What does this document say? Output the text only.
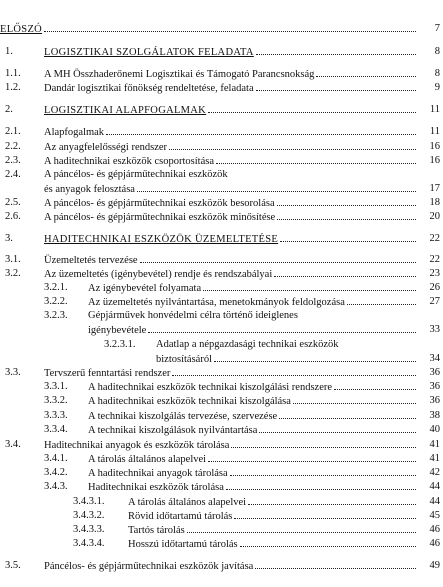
ELŐSZÓ	7
1.	LOGISZTIKAI SZOLGÁLATOK FELADATA	8
1.1. A MH Összhaderőnemi Logisztikai és Támogató Parancsnokság	8
1.2. Dandár logisztikai főnökség rendeltetése, feladata	9
2.	LOGISZTIKAI ALAPFOGALMAK	11
2.1. Alapfogalmak	11
2.2. Az anyagfelelősségi rendszer	16
2.3. A haditechnikai eszközök csoportosítása	16
2.4. A páncélos- és gépjárműtechnikai eszközök
és anyagok felosztása	17
2.5. A páncélos- és gépjárműtechnikai eszközök besorolása	18
2.6. A páncélos- és gépjárműtechnikai eszközök minősítése	20
3.	HADITECHNIKAI ESZKÖZÖK ÜZEMELTETÉSE	22
3.1. Üzemeltetés tervezése	22
3.2. Az üzemeltetés (igénybevétel) rendje és rendszabályai	23
3.2.1. Az igénybevétel folyamata	26
3.2.2. Az üzemeltetés nyilvántartása, menetokmányok feldolgozása	27
3.2.3. Gépjárművek honvédelmi célra történő ideiglenes
igénybevétele	33
3.2.3.1. Adatlap a népgazdasági technikai eszközök
biztosításáról	34
3.3. Tervszerű fenntartási rendszer	36
3.3.1. A haditechnikai eszközök technikai kiszolgálási rendszere	36
3.3.2. A haditechnikai eszközök technikai kiszolgálása	36
3.3.3. A technikai kiszolgálás tervezése, szervezése	38
3.3.4. A technikai kiszolgálások nyilvántartása	40
3.4. Haditechnikai anyagok és eszközök tárolása	41
3.4.1. A tárolás általános alapelvei	41
3.4.2. A haditechnikai anyagok tárolása	42
3.4.3. Haditechnikai eszközök tárolása	44
3.4.3.1. A tárolás általános alapelvei	44
3.4.3.2. Rövid időtartamú tárolás	45
3.4.3.3. Tartós tárolás	46
3.4.3.4. Hosszú időtartamú tárolás	46
3.5. Páncélos- és gépjárműtechnikai eszközök javítása	49
